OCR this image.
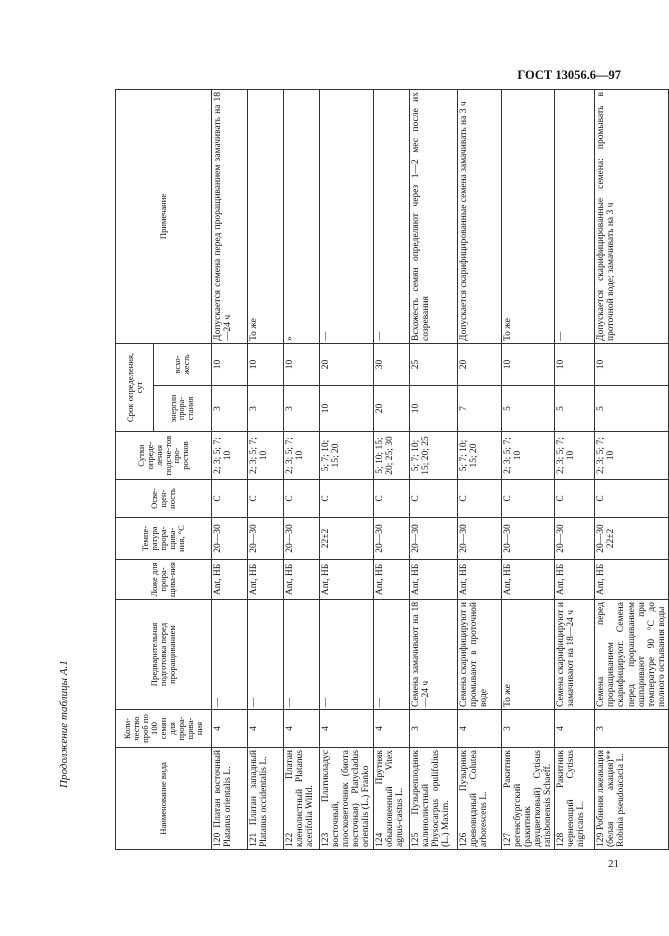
ГОСТ 13056.6—97
Продолжение таблицы А.1
Наименование вида	Коли-чество проб по 100 семян для прора-щива-ния	Предварительная подготовка перед проращиванием	Ложе для прора-щива-ния	Темпе-ратура прора-щива-ния, °С	Осве-щен-ность	Сутки опреде-ления подсче-тов про-ростков	Срок определения, сут		Примечание
							энергии прора-стания	всхо-жесть	
120 Платан восточный Platanus orientalis L.	4	—	Ant, НБ	20—30	С	2; 3; 5; 7; 10	3	10	Допускается семена перед проращиванием замачивать на 18—24 ч
121 Платан западный Platanus occidentalis L.	4	—	Ant, НБ	20—30	С	2; 3; 5; 7; 10	3	10	То же
122 Платан кленолистный Platanus acerifolia Willd.	4	—	Ant, НБ	20—30	С	2; 3; 5; 7; 10	3	10	»
123 Платикладус восточный, плосковеточник (биота восточная) Platycladus orientalis (L.) Franko	4	—	Ant, НБ	22±2	С	5; 7; 10; 15; 20	10	20	—
124 Прутняк обыкновенный Vitex agnus-castus L.	4	—	Ant, НБ	20—30	С	5; 10; 15; 20; 25; 30	20	30	—
125 Пузыреплодник калинолистный Physocarpus opulifolius (L.) Maxim.	3	Семена замачивают на 18—24 ч	Ant, НБ	20—30	С	5; 7; 10; 15; 20; 25	10	25	Всхожесть семян определяют через 1—2 мес после их созревания
126 Пузырник древовидный Colutea arborescens L.	4	Семена скарифицируют и промывают в проточной воде	Ant, НБ	20—30	С	5; 7; 10; 15; 20	7	20	Допускается скарифицированные семена замачивать на 3 ч
127 Ракитник регенсбургский (ракитник двуцветковый) Cytisus ratisbonensis Schaeff.	3	То же	Ant, НБ	20—30	С	2; 3; 5; 7; 10	5	10	То же
128 Ракитник чернеющий Cytisus nigricans L.	4	Семена скарифицируют и замачивают на 18—24 ч	Ant, НБ	20—30	С	2; 3; 5; 7; 10	5	10	—
129 Робиния лжеакация (белая акация)** Robinia pseudoacacia L.	3	Семена перед проращиванием скарифицируют. Семена перед проращиванием ошпаривают при температуре 90 °С до полного остывания воды	Ant, НБ	20—30 22±2	С	2; 3; 5; 7; 10	5	10	Допускается скарифицированные семена: промывать в проточной воде; замачивать на 3 ч
21
